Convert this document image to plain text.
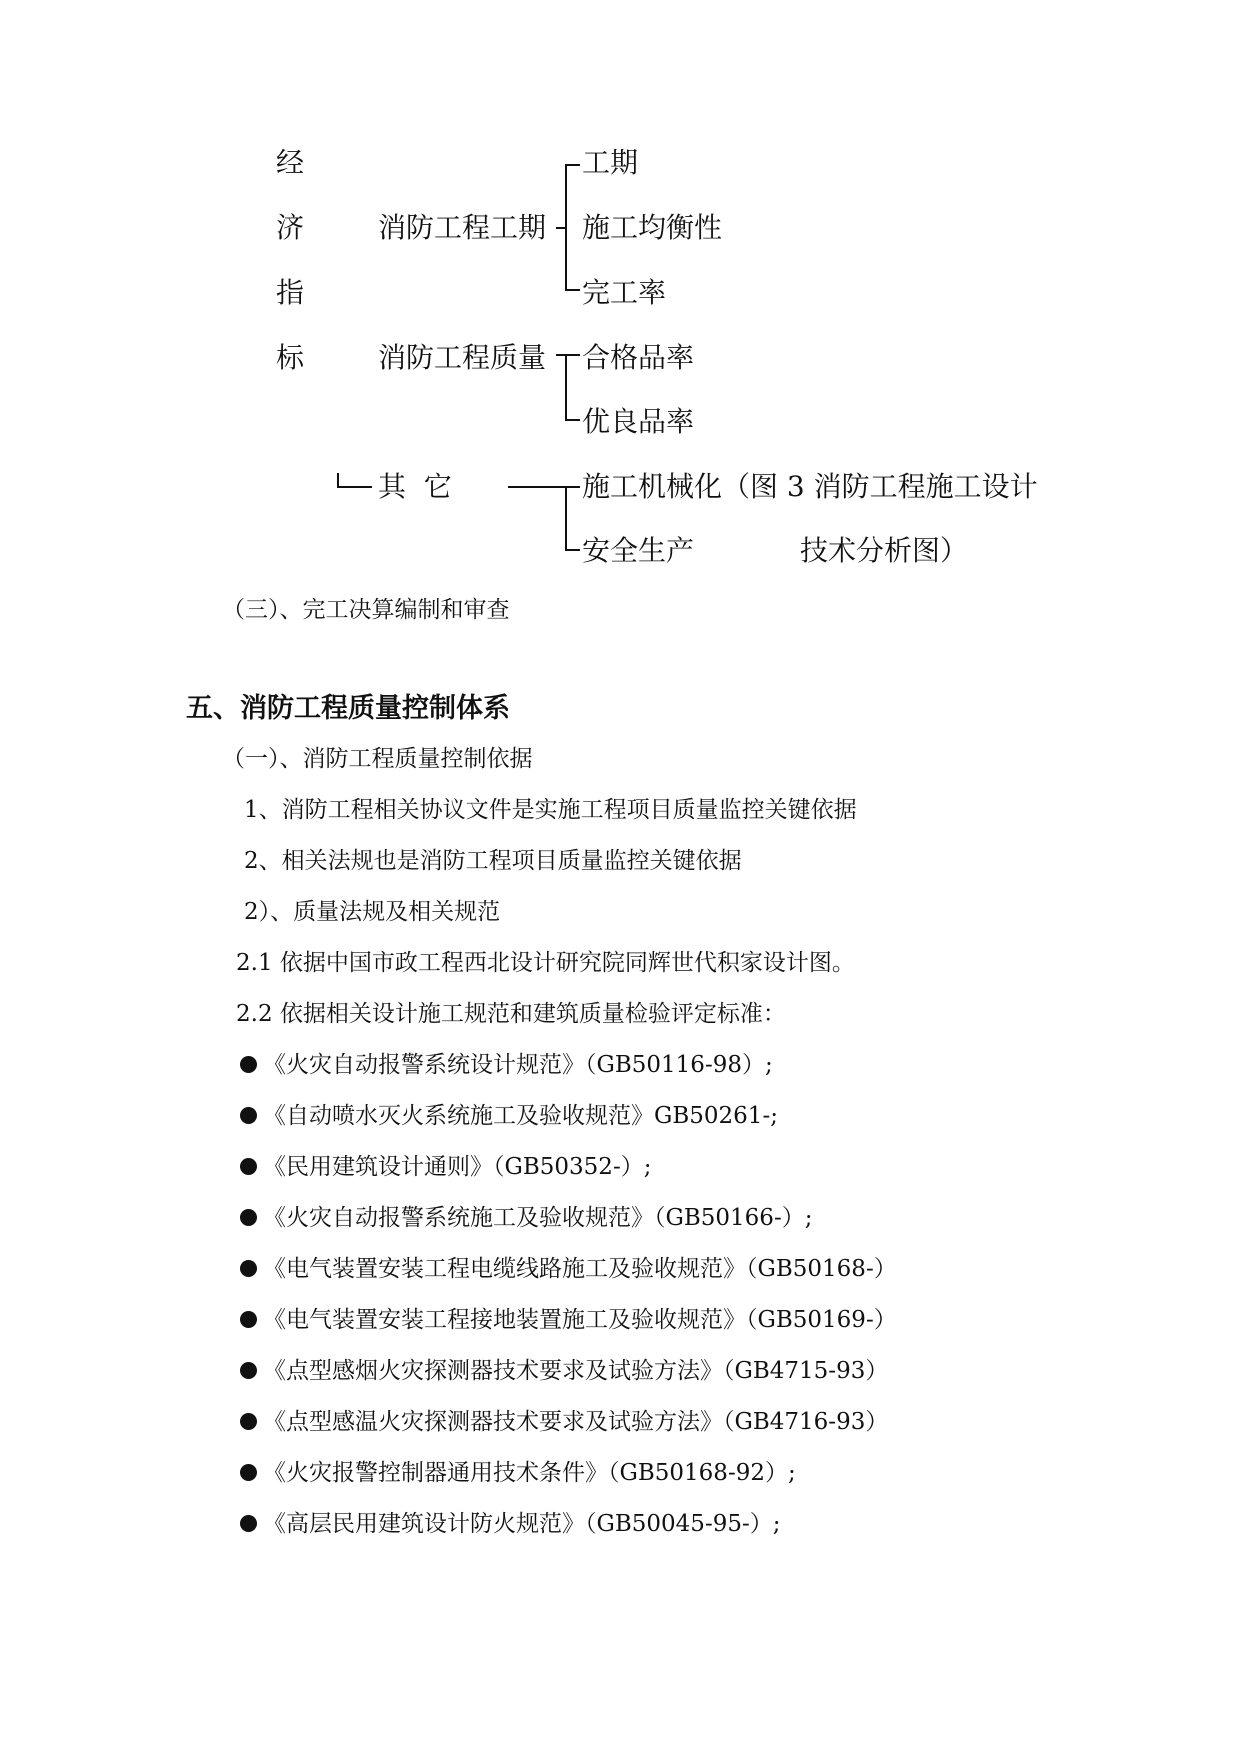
经
济
指
标
消防工程工期
工期
施工均衡性
完工率
消防工程质量 合格品率
优良品率
其  它	施工机械化
安全生产
（图 3 消防工程施工设计
技术分析图）
（三）、完工决算编制和审查
五、消防工程质量控制体系
（一）、消防工程质量控制依据
1、消防工程相关协议文件是实施工程项目质量监控关键依据
2、相关法规也是消防工程项目质量监控关键依据
2）、质量法规及相关规范
2.1 依据中国市政工程西北设计研究院同辉世代积家设计图。
2.2 依据相关设计施工规范和建筑质量检验评定标准：
《火灾自动报警系统设计规范》（GB50116-98）;
《自动喷水灭火系统施工及验收规范》GB50261-;
《民用建筑设计通则》（GB50352-）;
《火灾自动报警系统施工及验收规范》（GB50166-）;
《电气装置安装工程电缆线路施工及验收规范》（GB50168-）
《电气装置安装工程接地装置施工及验收规范》（GB50169-）
《点型感烟火灾探测器技术要求及试验方法》（GB4715-93）
《点型感温火灾探测器技术要求及试验方法》（GB4716-93）
《火灾报警控制器通用技术条件》（GB50168-92）;
《高层民用建筑设计防火规范》（GB50045-95-）;
